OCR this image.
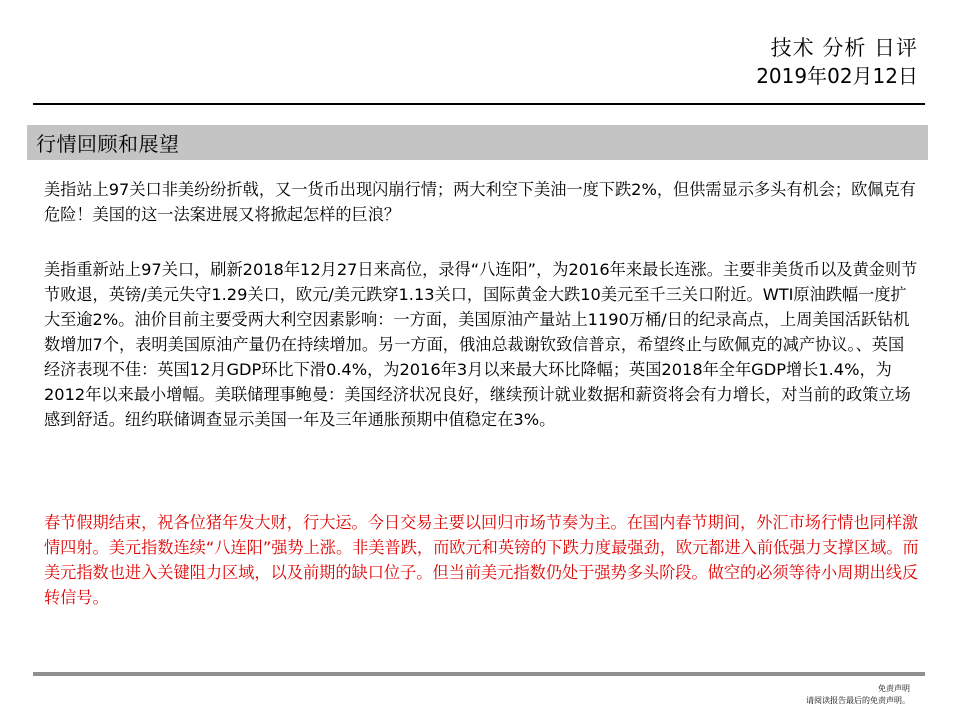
技术 分析 日评
2019年02月12日
行情回顾和展望

美指站上97关口非美纷纷折戟，又一货币出现闪崩行情；两大利空下美油一度下跌2%，但供需显示多头有机会；欧佩克有危险！美国的这一法案进展又将掀起怎样的巨浪？

美指重新站上97关口，刷新2018年12月27日来高位，录得“八连阳”，为2016年来最长连涨。主要非美货币以及黄金则节节败退，英镑/美元失守1.29关口，欧元/美元跌穿1.13关口，国际黄金大跌10美元至千三关口附近。WTI原油跌幅一度扩大至逾2%。油价目前主要受两大利空因素影响：一方面，美国原油产量站上1190万桶/日的纪录高点，上周美国活跃钻机数增加7个，表明美国原油产量仍在持续增加。另一方面，俄油总裁谢钦致信普京，希望终止与欧佩克的减产协议。、英国经济表现不佳：英国12月GDP环比下滑0.4%，为2016年3月以来最大环比降幅；英国2018年全年GDP增长1.4%，为2012年以来最小增幅。美联储理事鲍曼：美国经济状况良好，继续预计就业数据和薪资将会有力增长，对当前的政策立场感到舒适。纽约联储调查显示美国一年及三年通胀预期中值稳定在3%。

春节假期结束，祝各位猪年发大财，行大运。今日交易主要以回归市场节奏为主。在国内春节期间，外汇市场行情也同样激情四射。美元指数连续“八连阳”强势上涨。非美普跌，而欧元和英镑的下跌力度最强劲，欧元都进入前低强力支撑区域。而美元指数也进入关键阻力区域，以及前期的缺口位子。但当前美元指数仍处于强势多头阶段。做空的必须等待小周期出线反转信号。

免责声明
请阅读报告最后的免责声明。
